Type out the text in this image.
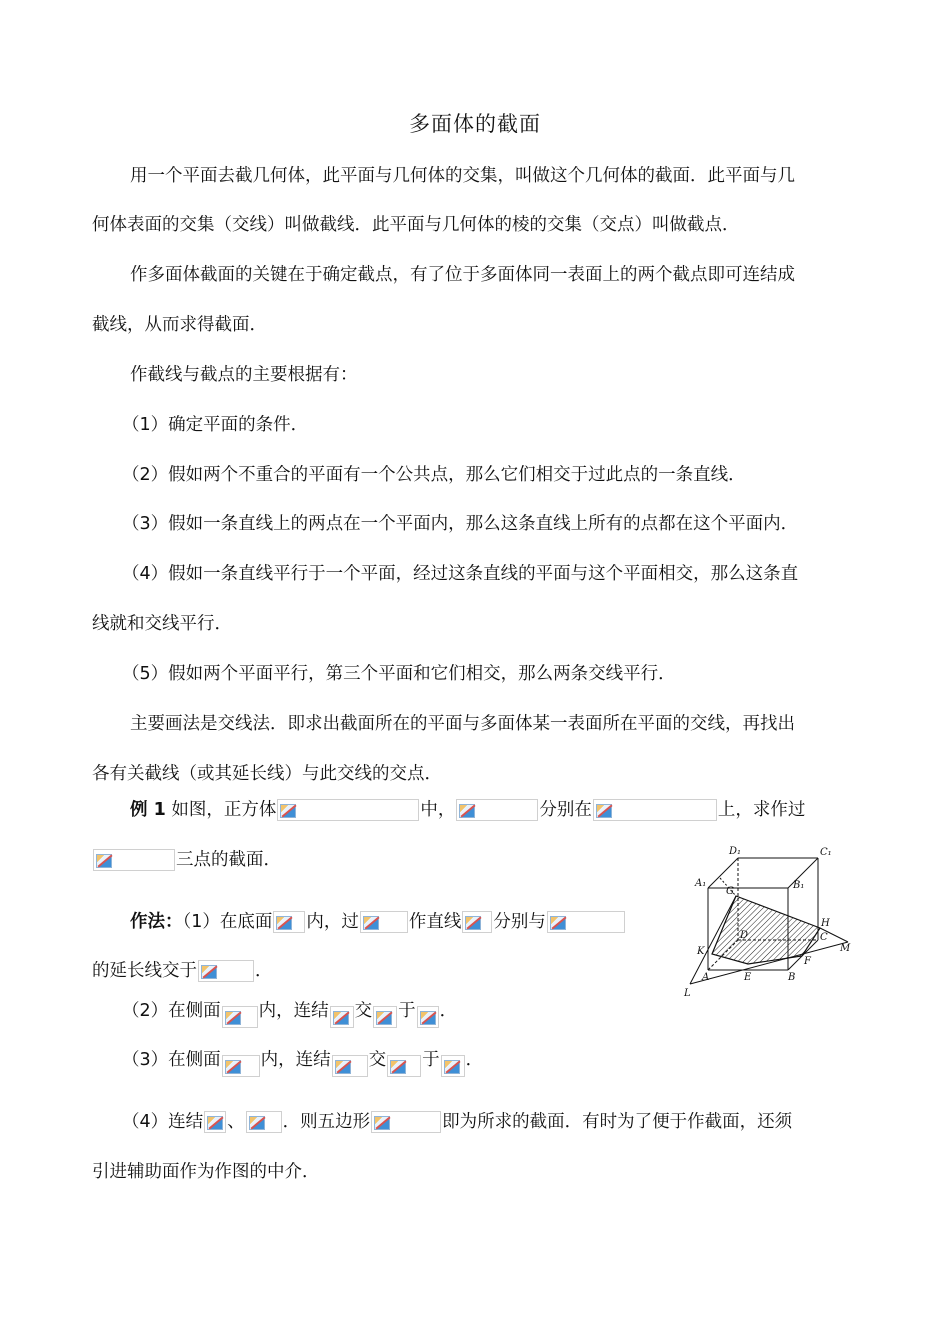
多面体的截面
用一个平面去截几何体，此平面与几何体的交集，叫做这个几何体的截面．此平面与几
何体表面的交集（交线）叫做截线．此平面与几何体的棱的交集（交点）叫做截点．
作多面体截面的关键在于确定截点，有了位于多面体同一表面上的两个截点即可连结成
截线，从而求得截面．
作截线与截点的主要根据有：
（1）确定平面的条件．
（2）假如两个不重合的平面有一个公共点，那么它们相交于过此点的一条直线．
（3）假如一条直线上的两点在一个平面内，那么这条直线上所有的点都在这个平面内．
（4）假如一条直线平行于一个平面，经过这条直线的平面与这个平面相交，那么这条直
线就和交线平行．
（5）假如两个平面平行，第三个平面和它们相交，那么两条交线平行．
主要画法是交线法．即求出截面所在的平面与多面体某一表面所在平面的交线，再找出
各有关截线（或其延长线）与此交线的交点．
例 1 如图，正方体	中，	分别在	上，求作过
三点的截面．
作法：（1）在底面 内，过	作直线 分别与
的延长线交于	．
（2）在侧面 内，连结 交 于 ．
（3）在侧面 内，连结 交 于 ．
（4）连结 、 ．则五边形	即为所求的截面．有时为了便于作截面，还须
引进辅助面作为作图的中介．
D₁	C₁
A₁	B₁
G
H
D	C
K
F
M
A	E	B
L
